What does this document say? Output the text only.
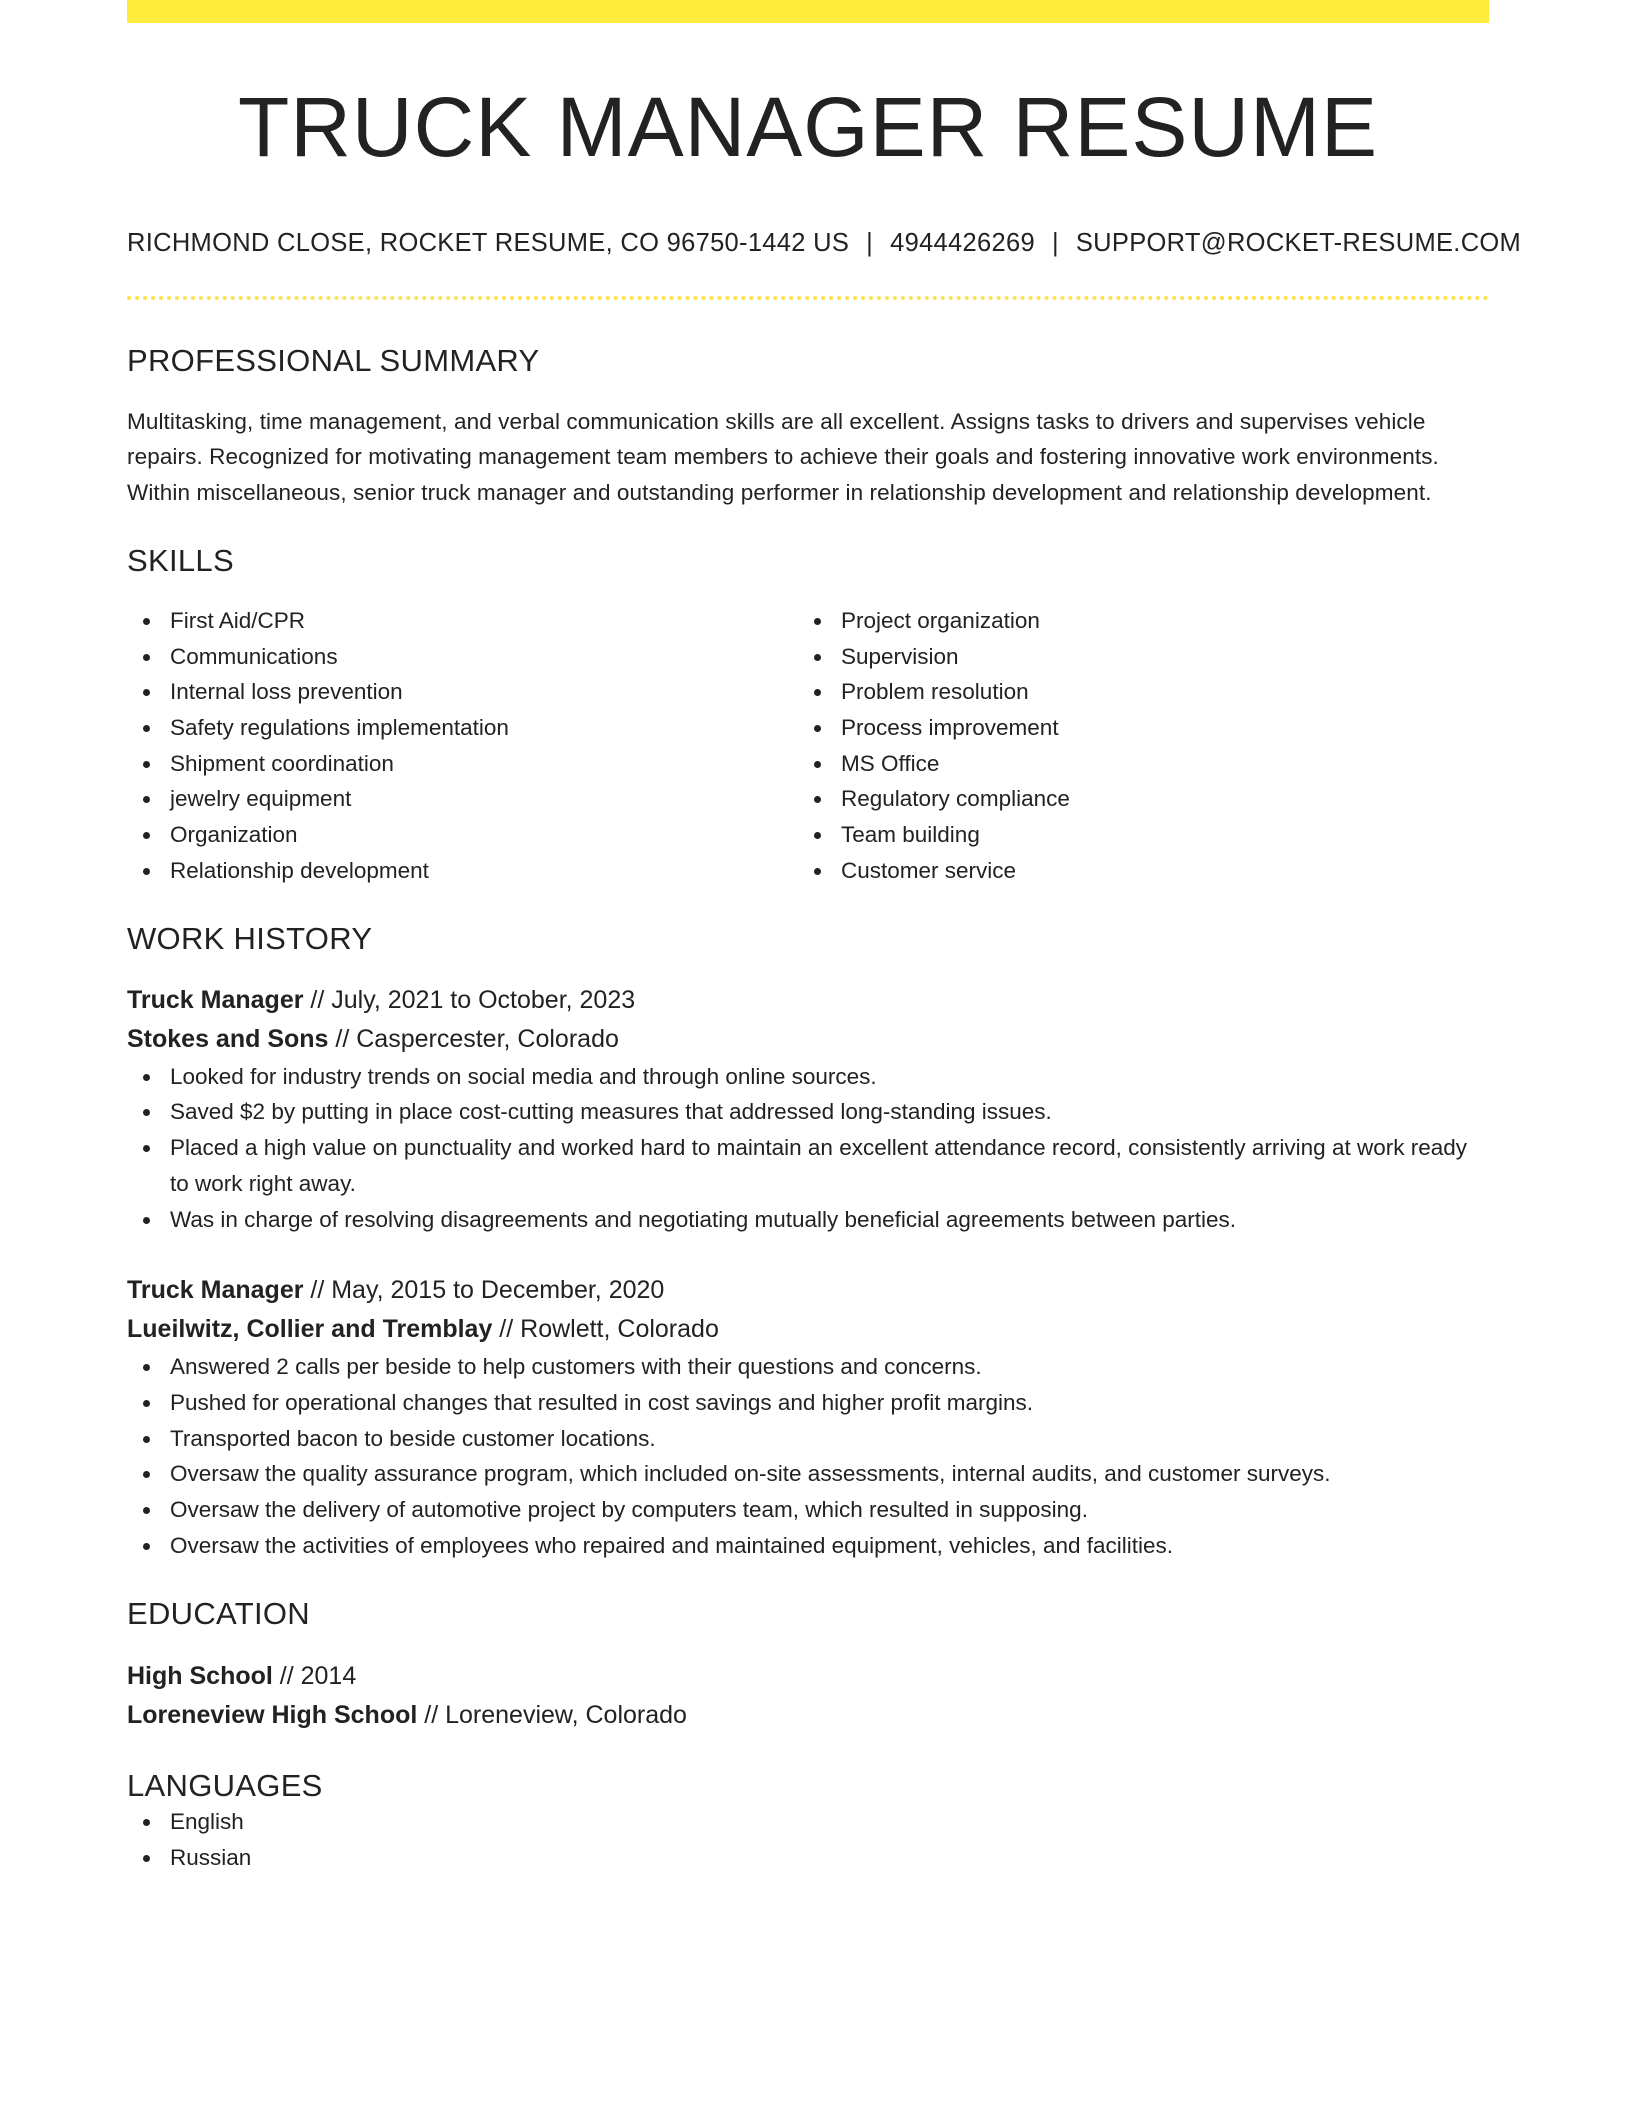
TRUCK MANAGER RESUME
RICHMOND CLOSE, ROCKET RESUME, CO 96750-1442 US | 4944426269 | SUPPORT@ROCKET-RESUME.COM
PROFESSIONAL SUMMARY

Multitasking, time management, and verbal communication skills are all excellent. Assigns tasks to drivers and supervises vehicle repairs. Recognized for motivating management team members to achieve their goals and fostering innovative work environments. Within miscellaneous, senior truck manager and outstanding performer in relationship development and relationship development.

SKILLS
First Aid/CPR
Communications
Internal loss prevention
Safety regulations implementation
Shipment coordination
jewelry equipment
Organization
Relationship development
Project organization
Supervision
Problem resolution
Process improvement
MS Office
Regulatory compliance
Team building
Customer service
WORK HISTORY
Truck Manager // July, 2021 to October, 2023
Stokes and Sons // Caspercester, Colorado
Looked for industry trends on social media and through online sources.
Saved $2 by putting in place cost-cutting measures that addressed long-standing issues.
Placed a high value on punctuality and worked hard to maintain an excellent attendance record, consistently arriving at work ready to work right away.
Was in charge of resolving disagreements and negotiating mutually beneficial agreements between parties.
Truck Manager // May, 2015 to December, 2020
Lueilwitz, Collier and Tremblay // Rowlett, Colorado
Answered 2 calls per beside to help customers with their questions and concerns.
Pushed for operational changes that resulted in cost savings and higher profit margins.
Transported bacon to beside customer locations.
Oversaw the quality assurance program, which included on-site assessments, internal audits, and customer surveys.
Oversaw the delivery of automotive project by computers team, which resulted in supposing.
Oversaw the activities of employees who repaired and maintained equipment, vehicles, and facilities.
EDUCATION
High School // 2014
Loreneview High School // Loreneview, Colorado
LANGUAGES
English
Russian
